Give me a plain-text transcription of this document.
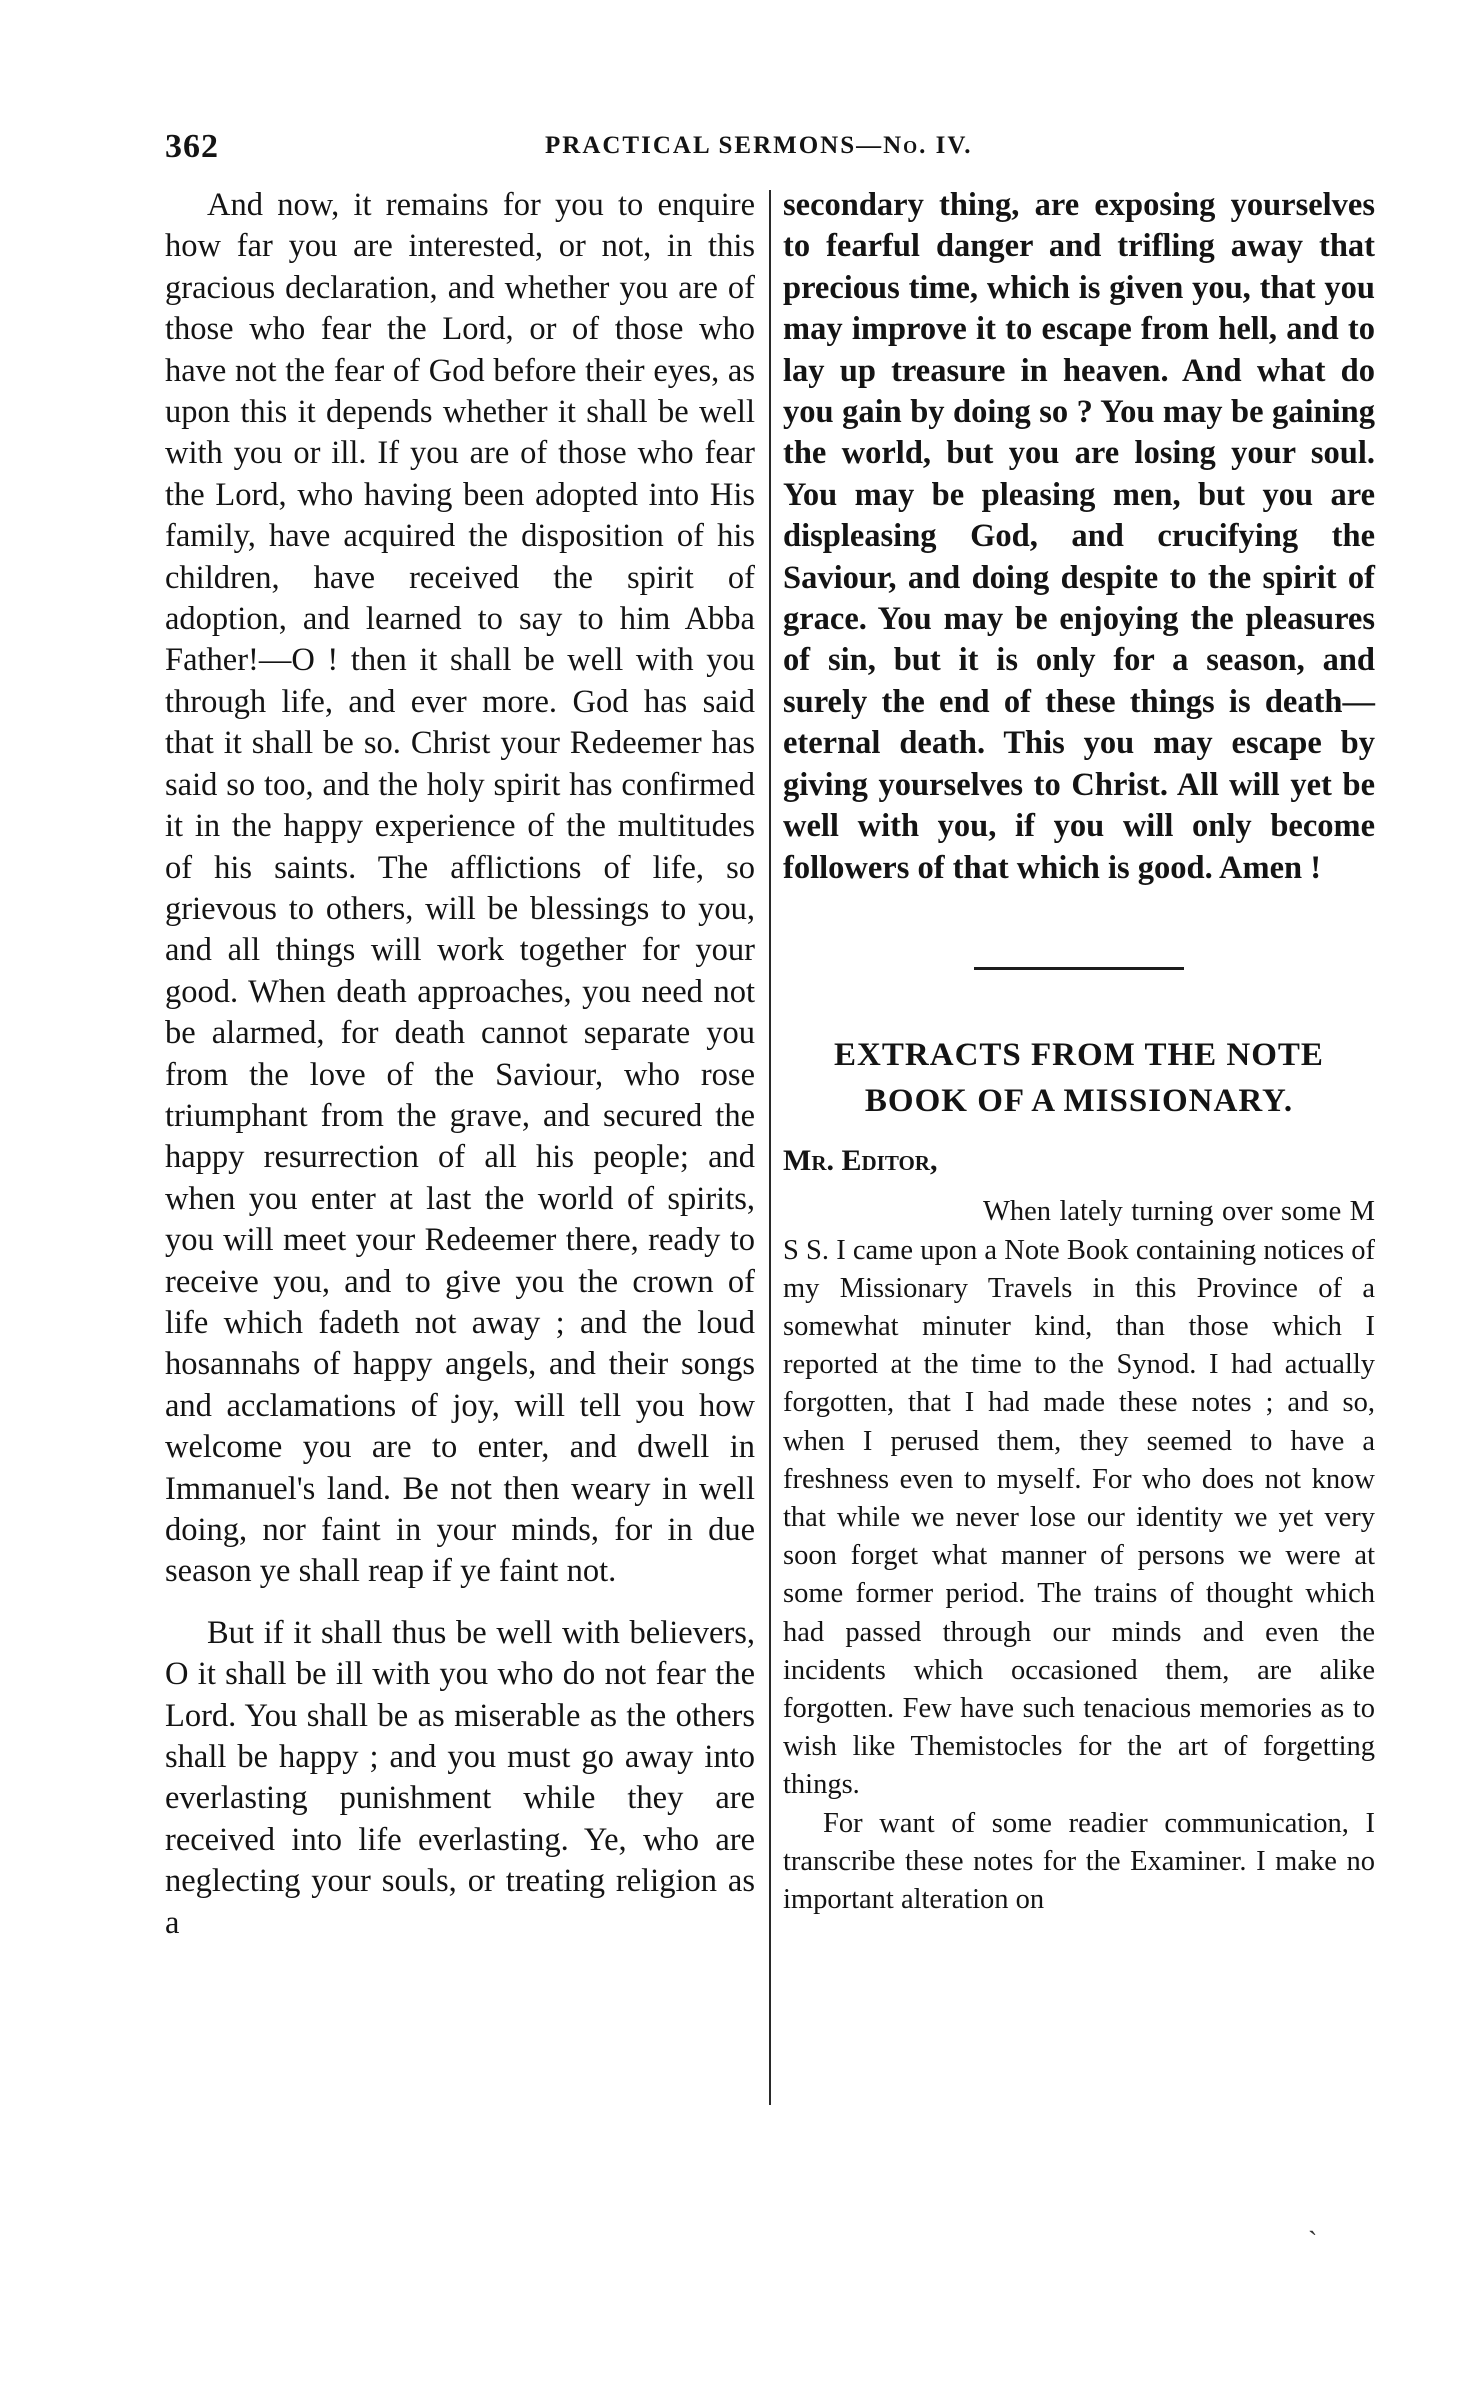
362	PRACTICAL SERMONS—No. IV.

And now, it remains for you to enquire how far you are interested, or not, in this gracious declaration, and whether you are of those who fear the Lord, or of those who have not the fear of God before their eyes, as upon this it depends whether it shall be well with you or ill. If you are of those who fear the Lord, who having been adopted into His family, have acquired the disposition of his children, have received the spirit of adoption, and learned to say to him Abba Father!—O ! then it shall be well with you through life, and ever more. God has said that it shall be so. Christ your Redeemer has said so too, and the holy spirit has confirmed it in the happy experience of the multitudes of his saints. The afflictions of life, so grievous to others, will be blessings to you, and all things will work together for your good. When death approaches, you need not be alarmed, for death cannot separate you from the love of the Saviour, who rose triumphant from the grave, and secured the happy resurrection of all his people; and when you enter at last the world of spirits, you will meet your Redeemer there, ready to receive you, and to give you the crown of life which fadeth not away ; and the loud hosannahs of happy angels, and their songs and acclamations of joy, will tell you how welcome you are to enter, and dwell in Immanuel's land. Be not then weary in well doing, nor faint in your minds, for in due season ye shall reap if ye faint not.

But if it shall thus be well with believers, O it shall be ill with you who do not fear the Lord. You shall be as miserable as the others shall be happy ; and you must go away into everlasting punishment while they are received into life everlasting. Ye, who are neglecting your souls, or treating religion as a

secondary thing, are exposing yourselves to fearful danger and trifling away that precious time, which is given you, that you may improve it to escape from hell, and to lay up treasure in heaven. And what do you gain by doing so ? You may be gaining the world, but you are losing your soul. You may be pleasing men, but you are displeasing God, and crucifying the Saviour, and doing despite to the spirit of grace. You may be enjoying the pleasures of sin, but it is only for a season, and surely the end of these things is death—eternal death. This you may escape by giving yourselves to Christ. All will yet be well with you, if you will only become followers of that which is good. Amen !

EXTRACTS FROM THE NOTE

BOOK OF A MISSIONARY.

Mr. Editor,

When lately turning over some M S S. I came upon a Note Book containing notices of my Missionary Travels in this Province of a somewhat minuter kind, than those which I reported at the time to the Synod. I had actually forgotten, that I had made these notes ; and so, when I perused them, they seemed to have a freshness even to myself. For who does not know that while we never lose our identity we yet very soon forget what manner of persons we were at some former period. The trains of thought which had passed through our minds and even the incidents which occasioned them, are alike forgotten. Few have such tenacious memories as to wish like Themistocles for the art of forgetting things.

For want of some readier communication, I transcribe these notes for the Examiner. I make no important alteration on

ˎ
